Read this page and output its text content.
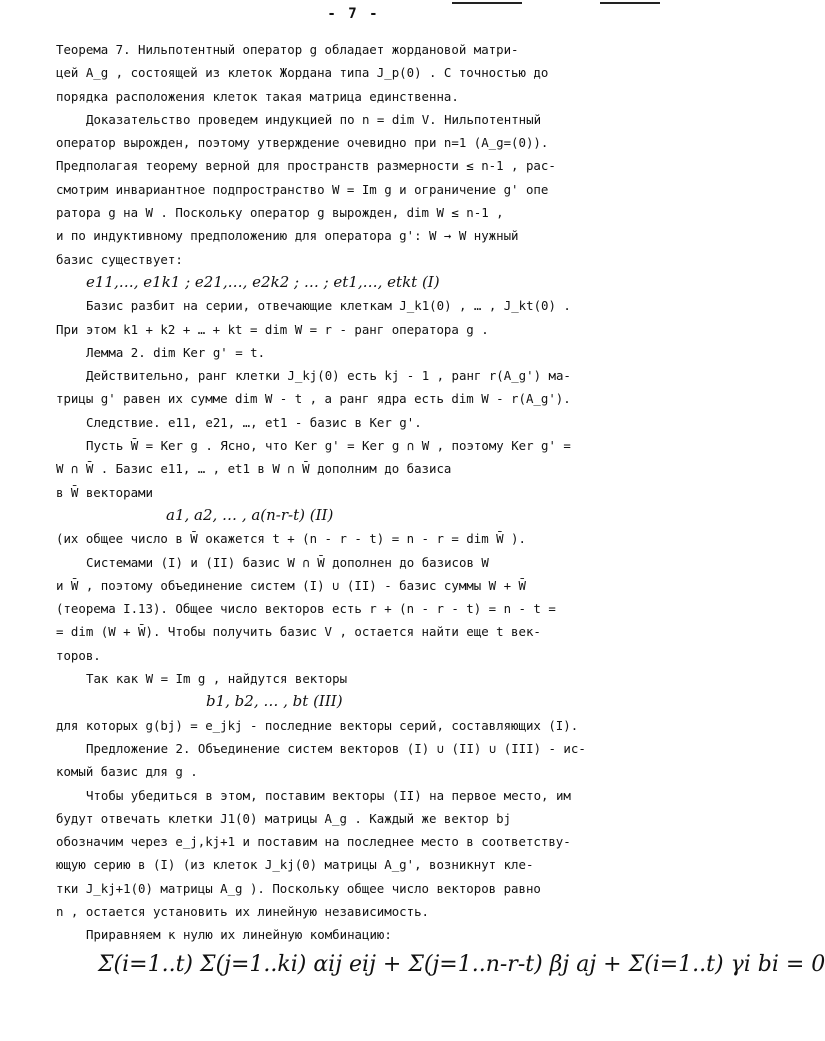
- 7 -
Теорема 7. Нильпотентный оператор g обладает жордановой матри-
цей A_g , состоящей из клеток Жордана типа J_p(0) . С точностью до
порядка расположения клеток такая матрица единственна.
Доказательство проведем индукцией по n = dim V. Нильпотентный
оператор вырожден, поэтому утверждение очевидно при n=1 (A_g=(0)).
Предполагая теорему верной для пространств размерности ≤ n-1 , рас-
смотрим инвариантное подпространство W = Im g и ограничение g' опе
ратора g на W . Поскольку оператор g вырожден, dim W ≤ n-1 ,
и по индуктивному предположению для оператора g': W → W нужный
базис существует:
e11,…, e1k1 ; e21,…, e2k2 ; … ; et1,…, etkt (I)
Базис разбит на серии, отвечающие клеткам J_k1(0) , … , J_kt(0) .
При этом k1 + k2 + … + kt = dim W = r - ранг оператора g .
Лемма 2. dim Ker g' = t.
Действительно, ранг клетки J_kj(0) есть kj - 1 , ранг r(A_g') ма-
трицы g' равен их сумме dim W - t , а ранг ядра есть dim W - r(A_g').
Следствие. e11, e21, …, et1 - базис в Ker g'.
Пусть W̄ = Ker g . Ясно, что Ker g' = Ker g ∩ W , поэтому Ker g' =
W ∩ W̄ . Базис e11, … , et1 в W ∩ W̄ дополним до базиса
в W̄ векторами
a1, a2, … , a(n-r-t) (II)
(их общее число в W̄ окажется t + (n - r - t) = n - r = dim W̄ ).
Системами (I) и (II) базис W ∩ W̄ дополнен до базисов W
и W̄ , поэтому объединение систем (I) ∪ (II) - базис суммы W + W̄
(теорема I.13). Общее число векторов есть r + (n - r - t) = n - t =
= dim (W + W̄). Чтобы получить базис V , остается найти еще t век-
торов.
Так как W = Im g , найдутся векторы
b1, b2, … , bt (III)
для которых g(bj) = e_jkj - последние векторы серий, составляющих (I).
Предложение 2. Объединение систем векторов (I) ∪ (II) ∪ (III) - ис-
комый базис для g .
Чтобы убедиться в этом, поставим векторы (II) на первое место, им
будут отвечать клетки J1(0) матрицы A_g . Каждый же вектор bj
обозначим через e_j,kj+1 и поставим на последнее место в соответству-
ющую серию в (I) (из клеток J_kj(0) матрицы A_g', возникнут кле-
тки J_kj+1(0) матрицы A_g ). Поскольку общее число векторов равно
n , остается установить их линейную независимость.
Приравняем к нулю их линейную комбинацию:
Σ(i=1..t) Σ(j=1..ki) αij eij + Σ(j=1..n-r-t) βj aj + Σ(i=1..t) γi bi = 0
